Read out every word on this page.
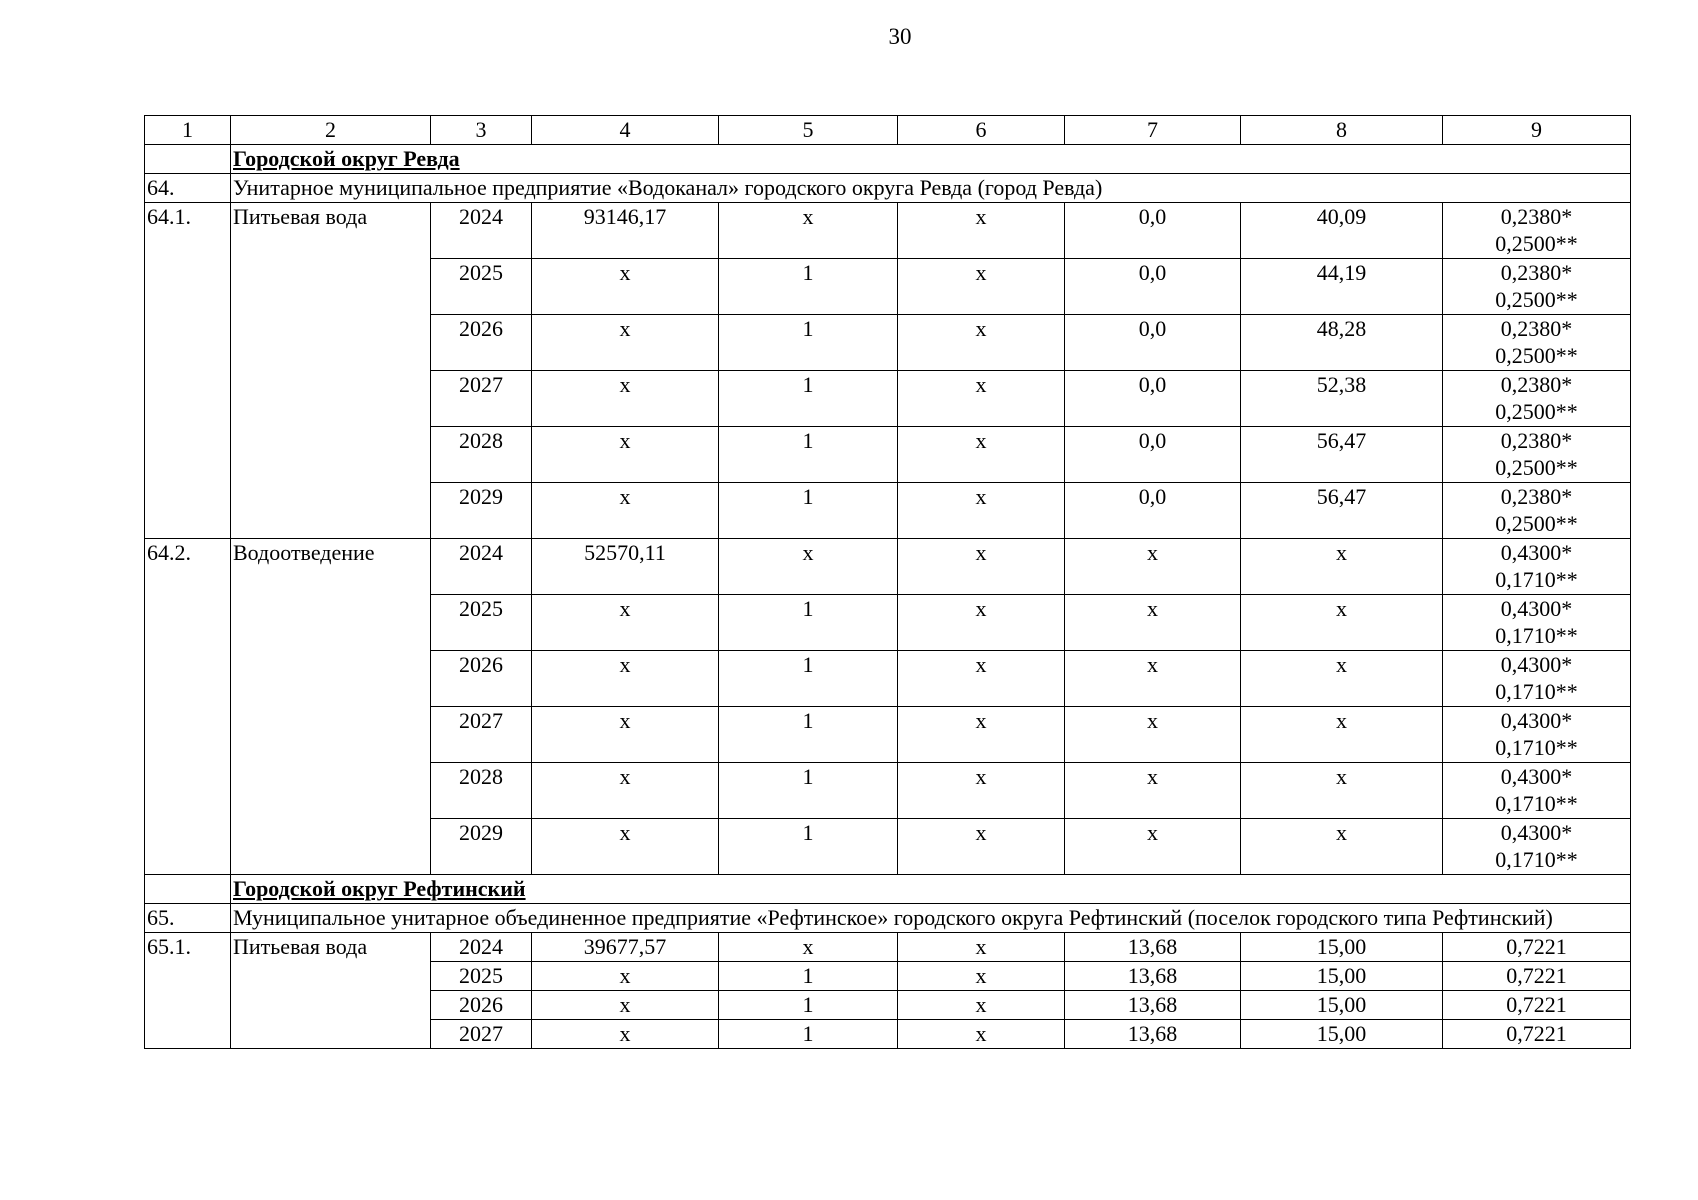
30
1	2	3	4	5	6	7	8	9
	Городской округ Ревда							
64.	Унитарное муниципальное предприятие «Водоканал» городского округа Ревда (город Ревда)							
64.1.	Питьевая вода	2024	93146,17	х	х	0,0	40,09	0,2380*
0,2500**

		2025	х	1	х	0,0	44,19	0,2380*
0,2500**

		2026	х	1	х	0,0	48,28	0,2380*
0,2500**

		2027	х	1	х	0,0	52,38	0,2380*
0,2500**

		2028	х	1	х	0,0	56,47	0,2380*
0,2500**

		2029	х	1	х	0,0	56,47	0,2380*
0,2500**

64.2.	Водоотведение	2024	52570,11	х	х	х	х	0,4300*
0,1710**

		2025	х	1	х	х	х	0,4300*
0,1710**

		2026	х	1	х	х	х	0,4300*
0,1710**

		2027	х	1	х	х	х	0,4300*
0,1710**

		2028	х	1	х	х	х	0,4300*
0,1710**

		2029	х	1	х	х	х	0,4300*
0,1710**

	Городской округ Рефтинский							
65.	Муниципальное унитарное объединенное предприятие «Рефтинское» городского округа Рефтинский (поселок городского типа Рефтинский)							
65.1.	Питьевая вода	2024	39677,57	х	х	13,68	15,00	0,7221
		2025	х	1	х	13,68	15,00	0,7221
		2026	х	1	х	13,68	15,00	0,7221
		2027	х	1	х	13,68	15,00	0,7221
